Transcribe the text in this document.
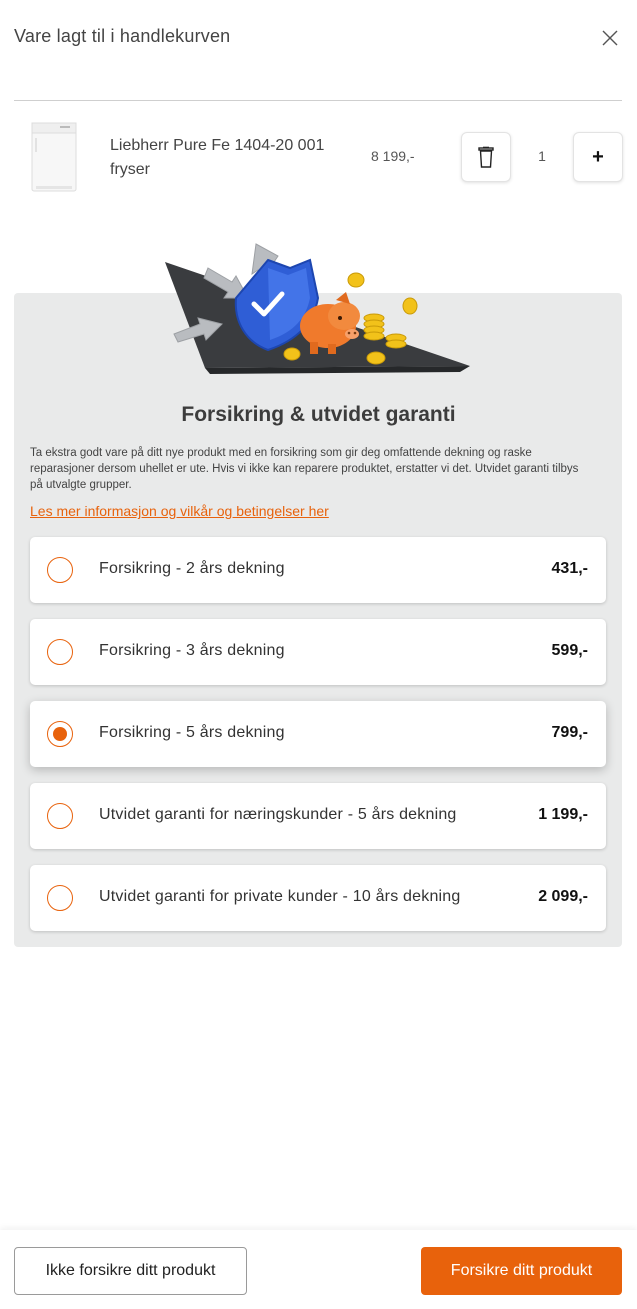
Vare lagt til i handlekurven
Liebherr Pure Fe 1404-20 001 fryser
8 199,-	1	+
Forsikring & utvidet garanti
Ta ekstra godt vare på ditt nye produkt med en forsikring som gir deg omfattende dekning og raske reparasjoner dersom uhellet er ute. Hvis vi ikke kan reparere produktet, erstatter vi det. Utvidet garanti tilbys på utvalgte grupper.
Les mer informasjon og vilkår og betingelser her
Forsikring - 2 års dekning	431,-
Forsikring - 3 års dekning	599,-
Forsikring - 5 års dekning	799,-
Utvidet garanti for næringskunder - 5 års dekning	1 199,-
Utvidet garanti for private kunder - 10 års dekning	2 099,-
Ikke forsikre ditt produkt	Forsikre ditt produkt
